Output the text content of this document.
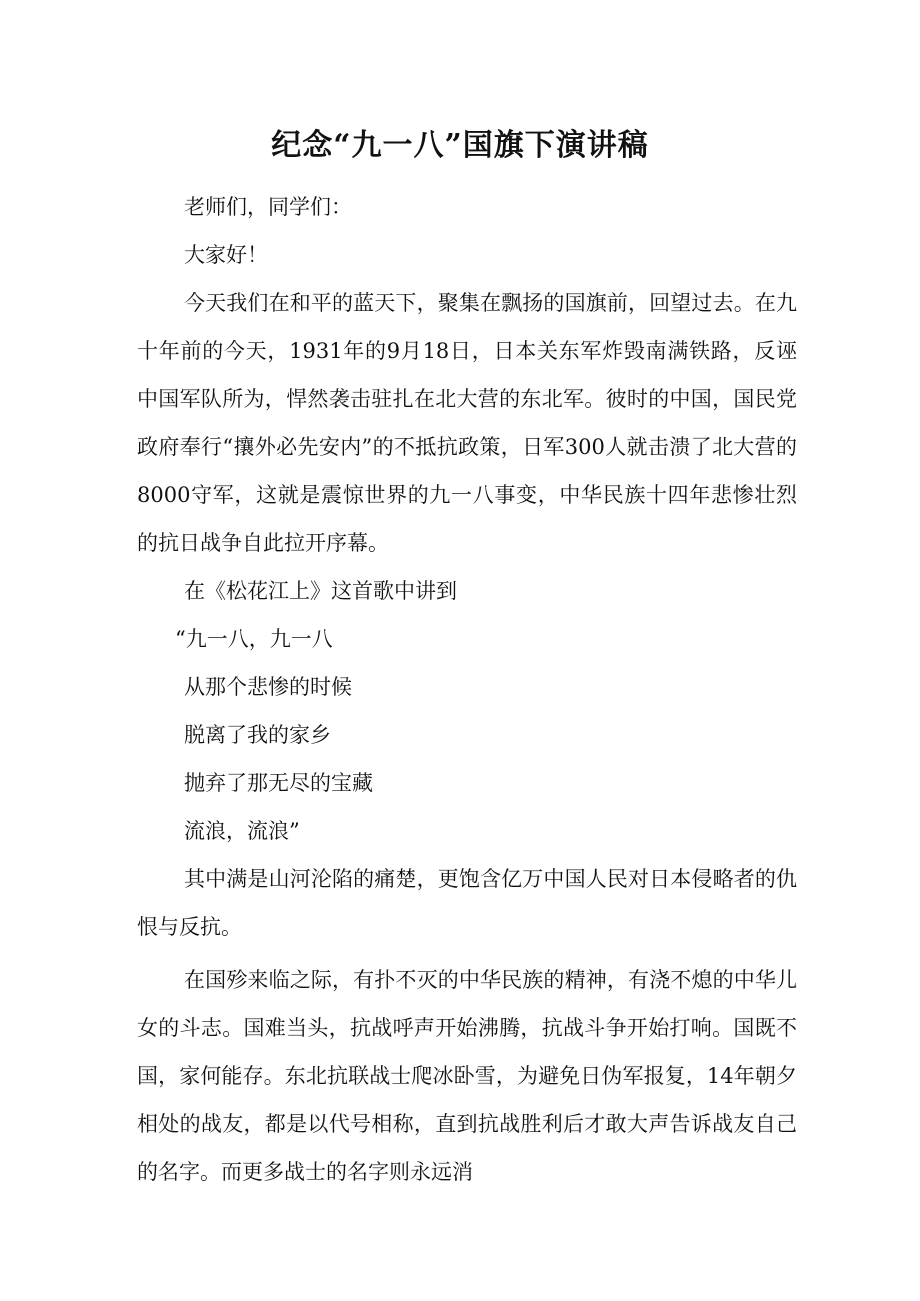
纪念“九一八”国旗下演讲稿

老师们，同学们：

大家好！

今天我们在和平的蓝天下，聚集在飘扬的国旗前，回望过去。在九十年前的今天，1931年的9月18日，日本关东军炸毁南满铁路，反诬中国军队所为，悍然袭击驻扎在北大营的东北军。彼时的中国，国民党政府奉行“攘外必先安内”的不抵抗政策，日军300人就击溃了北大营的8000守军，这就是震惊世界的九一八事变，中华民族十四年悲惨壮烈的抗日战争自此拉开序幕。

在《松花江上》这首歌中讲到

“九一八，九一八

从那个悲惨的时候

脱离了我的家乡

抛弃了那无尽的宝藏

流浪，流浪”

其中满是山河沦陷的痛楚，更饱含亿万中国人民对日本侵略者的仇恨与反抗。

在国殄来临之际，有扑不灭的中华民族的精神，有浇不熄的中华儿女的斗志。国难当头，抗战呼声开始沸腾，抗战斗争开始打响。国既不国，家何能存。东北抗联战士爬冰卧雪，为避免日伪军报复，14年朝夕相处的战友，都是以代号相称，直到抗战胜利后才敢大声告诉战友自己的名字。而更多战士的名字则永远消
